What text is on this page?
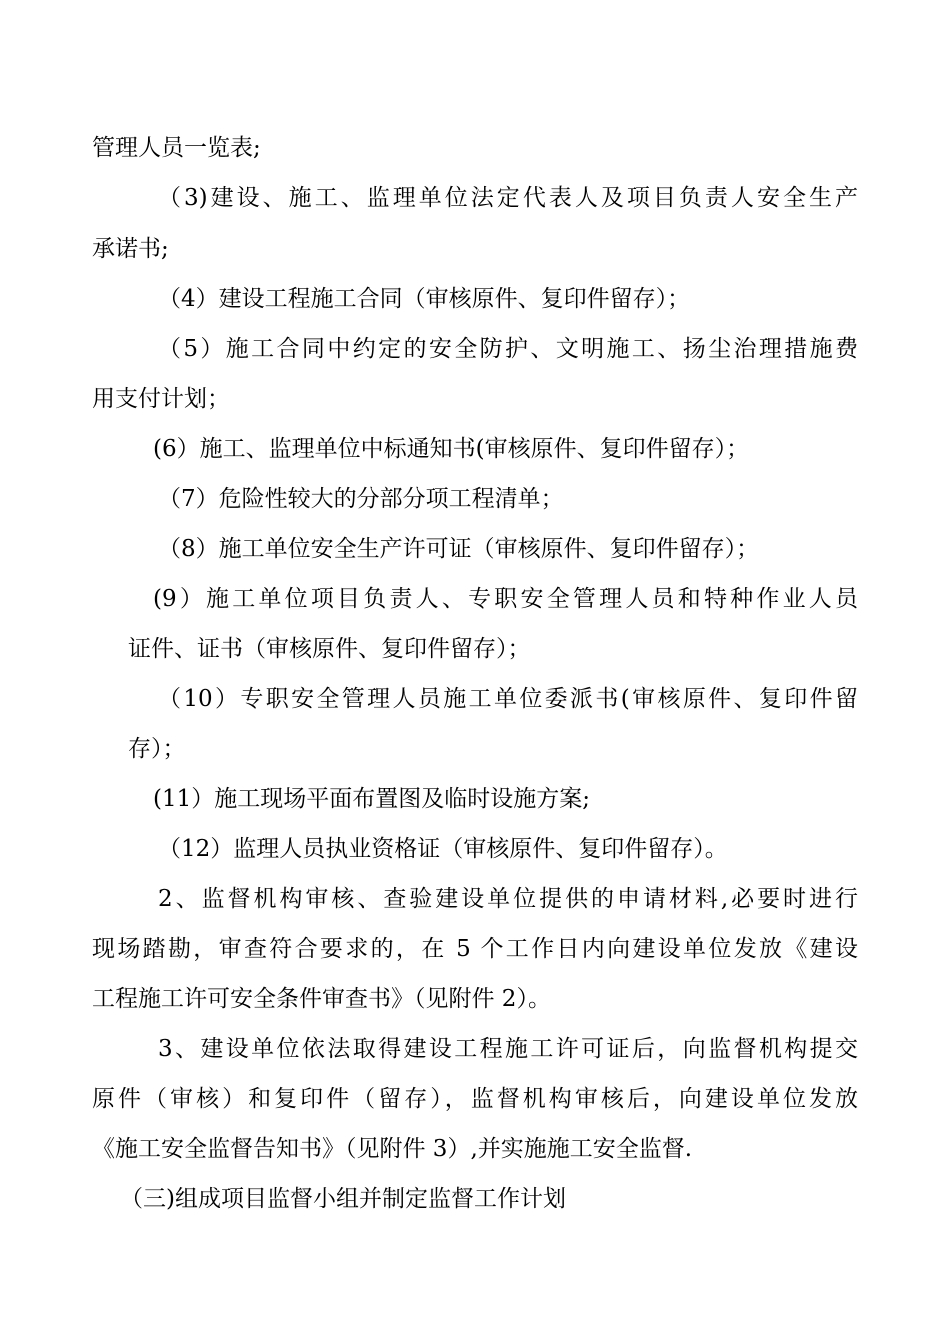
管理人员一览表;
（3)建设、施工、监理单位法定代表人及项目负责人安全生产
承诺书;
（4）建设工程施工合同（审核原件、复印件留存）；
（5）施工合同中约定的安全防护、文明施工、扬尘治理措施费
用支付计划；
(6）施工、监理单位中标通知书(审核原件、复印件留存）；
（7）危险性较大的分部分项工程清单；
（8）施工单位安全生产许可证（审核原件、复印件留存）；
(9）施工单位项目负责人、专职安全管理人员和特种作业人员
证件、证书（审核原件、复印件留存）；
（10）专职安全管理人员施工单位委派书(审核原件、复印件留
存）；
(11）施工现场平面布置图及临时设施方案;
（12）监理人员执业资格证（审核原件、复印件留存）。
2、监督机构审核、查验建设单位提供的申请材料,必要时进行
现场踏勘，审查符合要求的，在 5 个工作日内向建设单位发放《建设
工程施工许可安全条件审查书》（见附件 2）。
3、建设单位依法取得建设工程施工许可证后，向监督机构提交
原件（审核）和复印件（留存），监督机构审核后，向建设单位发放
《施工安全监督告知书》（见附件 3）,并实施施工安全监督.
（三)组成项目监督小组并制定监督工作计划
